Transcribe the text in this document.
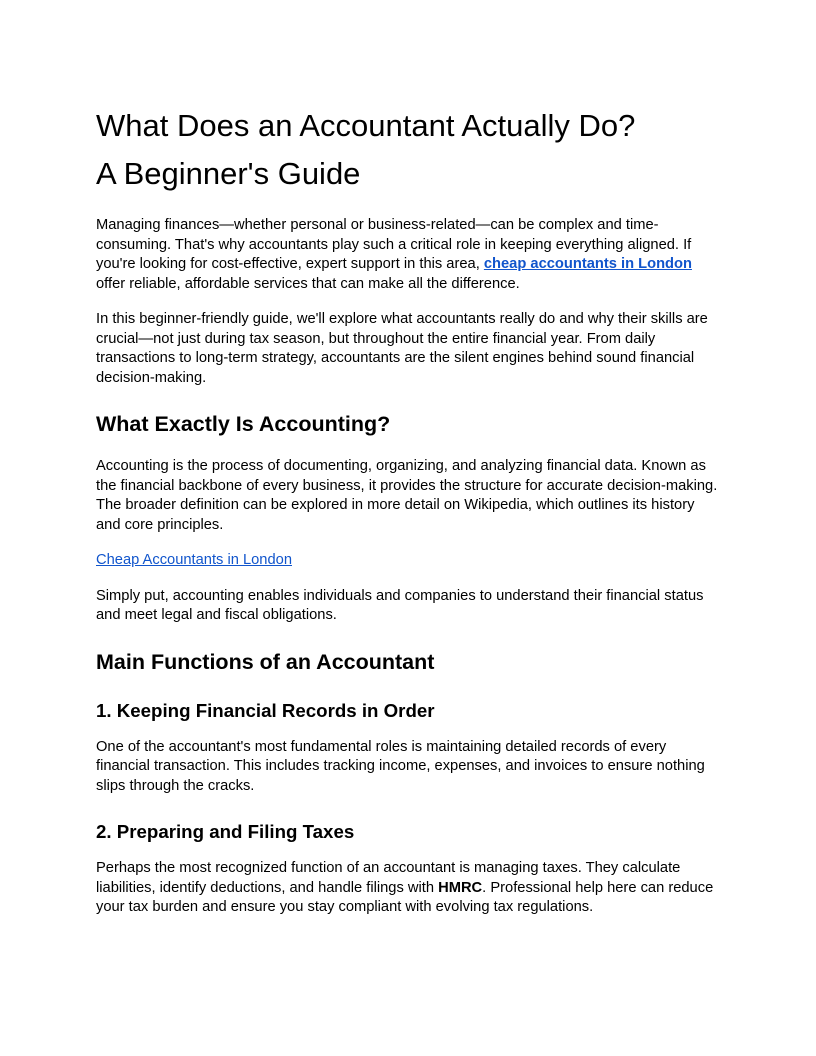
What Does an Accountant Actually Do?
A Beginner's Guide

Managing finances—whether personal or business-related—can be complex and time-consuming. That's why accountants play such a critical role in keeping everything aligned. If you're looking for cost-effective, expert support in this area, cheap accountants in London offer reliable, affordable services that can make all the difference.

In this beginner-friendly guide, we'll explore what accountants really do and why their skills are crucial—not just during tax season, but throughout the entire financial year. From daily transactions to long-term strategy, accountants are the silent engines behind sound financial decision-making.

What Exactly Is Accounting?

Accounting is the process of documenting, organizing, and analyzing financial data. Known as the financial backbone of every business, it provides the structure for accurate decision-making. The broader definition can be explored in more detail on Wikipedia, which outlines its history and core principles.

Cheap Accountants in London

Simply put, accounting enables individuals and companies to understand their financial status and meet legal and fiscal obligations.

Main Functions of an Accountant
1. Keeping Financial Records in Order

One of the accountant's most fundamental roles is maintaining detailed records of every financial transaction. This includes tracking income, expenses, and invoices to ensure nothing slips through the cracks.

2. Preparing and Filing Taxes

Perhaps the most recognized function of an accountant is managing taxes. They calculate liabilities, identify deductions, and handle filings with HMRC. Professional help here can reduce your tax burden and ensure you stay compliant with evolving tax regulations.
